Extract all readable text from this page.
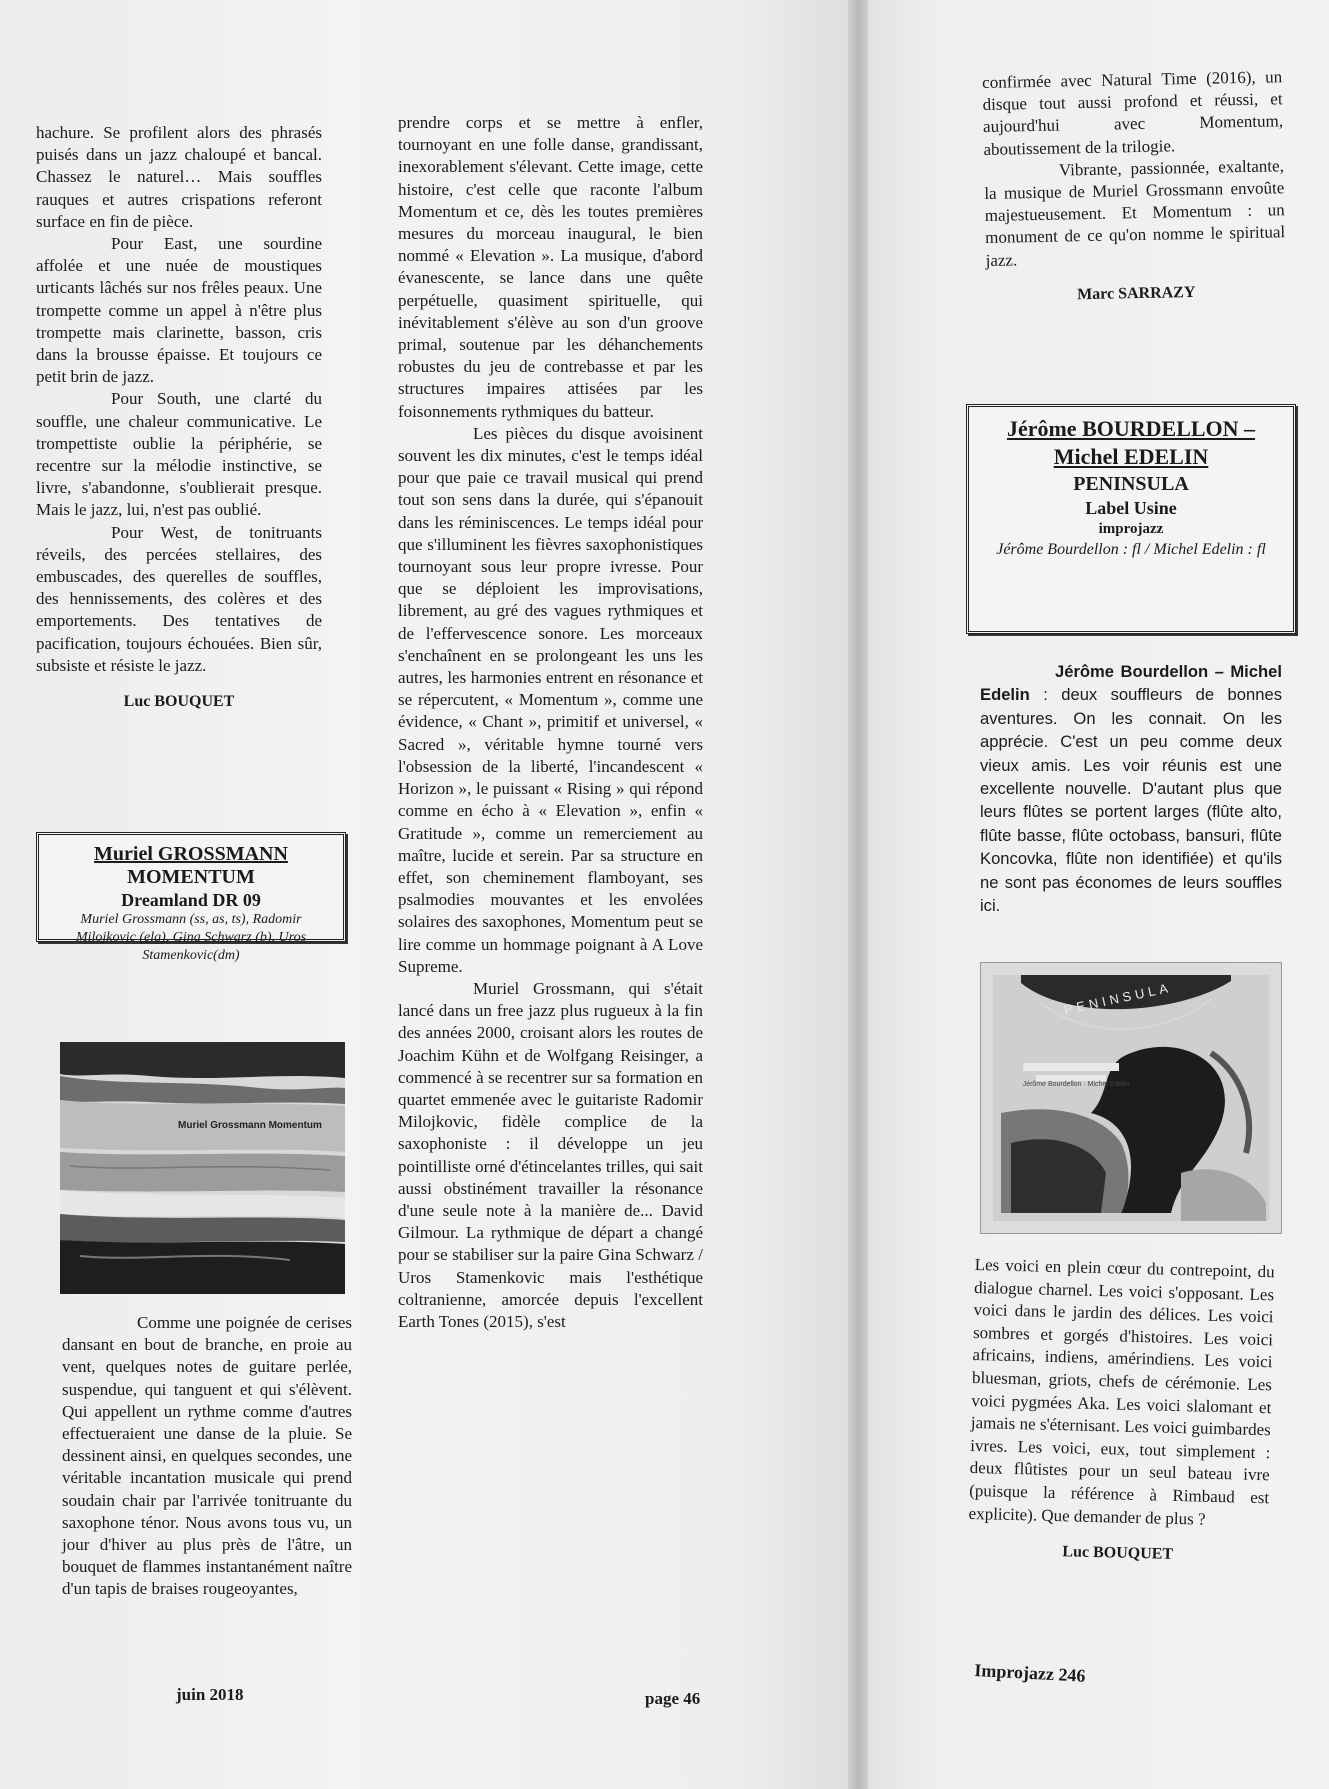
hachure. Se profilent alors des phrasés puisés dans un jazz chaloupé et bancal. Chassez le naturel… Mais souffles rauques et autres crispations referont surface en fin de pièce.

Pour East, une sourdine affolée et une nuée de moustiques urticants lâchés sur nos frêles peaux. Une trompette comme un appel à n'être plus trompette mais clarinette, basson, cris dans la brousse épaisse. Et toujours ce petit brin de jazz.

Pour South, une clarté du souffle, une chaleur communicative. Le trompettiste oublie la périphérie, se recentre sur la mélodie instinctive, se livre, s'abandonne, s'oublierait presque. Mais le jazz, lui, n'est pas oublié.

Pour West, de tonitruants réveils, des percées stellaires, des embuscades, des querelles de souffles, des hennissements, des colères et des emportements. Des tentatives de pacification, toujours échouées. Bien sûr, subsiste et résiste le jazz.

Luc BOUQUET

Muriel GROSSMANN
MOMENTUM
Dreamland DR 09
Muriel Grossmann (ss, as, ts), Radomir Milojkovic (elg), Gina Schwarz (b), Uros Stamenkovic(dm)
Muriel Grossmann Momentum

Comme une poignée de cerises dansant en bout de branche, en proie au vent, quelques notes de guitare perlée, suspendue, qui tanguent et qui s'élèvent. Qui appellent un rythme comme d'autres effectueraient une danse de la pluie. Se dessinent ainsi, en quelques secondes, une véritable incantation musicale qui prend soudain chair par l'arrivée tonitruante du saxophone ténor. Nous avons tous vu, un jour d'hiver au plus près de l'âtre, un bouquet de flammes instantanément naître d'un tapis de braises rougeoyantes,

prendre corps et se mettre à enfler, tournoyant en une folle danse, grandissant, inexorablement s'élevant. Cette image, cette histoire, c'est celle que raconte l'album Momentum et ce, dès les toutes premières mesures du morceau inaugural, le bien nommé « Elevation ». La musique, d'abord évanescente, se lance dans une quête perpétuelle, quasiment spirituelle, qui inévitablement s'élève au son d'un groove primal, soutenue par les déhanchements robustes du jeu de contrebasse et par les structures impaires attisées par les foisonnements rythmiques du batteur.

Les pièces du disque avoisinent souvent les dix minutes, c'est le temps idéal pour que paie ce travail musical qui prend tout son sens dans la durée, qui s'épanouit dans les réminiscences. Le temps idéal pour que s'illuminent les fièvres saxophonistiques tournoyant sous leur propre ivresse. Pour que se déploient les improvisations, librement, au gré des vagues rythmiques et de l'effervescence sonore. Les morceaux s'enchaînent en se prolongeant les uns les autres, les harmonies entrent en résonance et se répercutent, « Momentum », comme une évidence, « Chant », primitif et universel, « Sacred », véritable hymne tourné vers l'obsession de la liberté, l'incandescent « Horizon », le puissant « Rising » qui répond comme en écho à « Elevation », enfin « Gratitude », comme un remerciement au maître, lucide et serein. Par sa structure en effet, son cheminement flamboyant, ses psalmodies mouvantes et les envolées solaires des saxophones, Momentum peut se lire comme un hommage poignant à A Love Supreme.

Muriel Grossmann, qui s'était lancé dans un free jazz plus rugueux à la fin des années 2000, croisant alors les routes de Joachim Kühn et de Wolfgang Reisinger, a commencé à se recentrer sur sa formation en quartet emmenée avec le guitariste Radomir Milojkovic, fidèle complice de la saxophoniste : il développe un jeu pointilliste orné d'étincelantes trilles, qui sait aussi obstinément travailler la résonance d'une seule note à la manière de... David Gilmour. La rythmique de départ a changé pour se stabiliser sur la paire Gina Schwarz / Uros Stamenkovic mais l'esthétique coltranienne, amorcée depuis l'excellent Earth Tones (2015), s'est

juin 2018	page 46

confirmée avec Natural Time (2016), un disque tout aussi profond et réussi, et aujourd'hui avec Momentum, aboutissement de la trilogie.

Vibrante, passionnée, exaltante, la musique de Muriel Grossmann envoûte majestueusement. Et Momentum : un monument de ce qu'on nomme le spiritual jazz.

Marc SARRAZY

Jérôme BOURDELLON –
Michel EDELIN
PENINSULA
Label Usine
improjazz
Jérôme Bourdellon : fl / Michel Edelin : fl

Jérôme Bourdellon – Michel Edelin : deux souffleurs de bonnes aventures. On les connait. On les apprécie. C'est un peu comme deux vieux amis. Les voir réunis est une excellente nouvelle. D'autant plus que leurs flûtes se portent larges (flûte alto, flûte basse, flûte octobass, bansuri, flûte Koncovka, flûte non identifiée) et qu'ils ne sont pas économes de leurs souffles ici.

PENINSULA
Jérôme Bourdellon · Michel Edelin

Les voici en plein cœur du contrepoint, du dialogue charnel. Les voici s'opposant. Les voici dans le jardin des délices. Les voici sombres et gorgés d'histoires. Les voici africains, indiens, amérindiens. Les voici bluesman, griots, chefs de cérémonie. Les voici pygmées Aka. Les voici slalomant et jamais ne s'éternisant. Les voici guimbardes ivres. Les voici, eux, tout simplement : deux flûtistes pour un seul bateau ivre (puisque la référence à Rimbaud est explicite). Que demander de plus ?

Luc BOUQUET

Improjazz 246
